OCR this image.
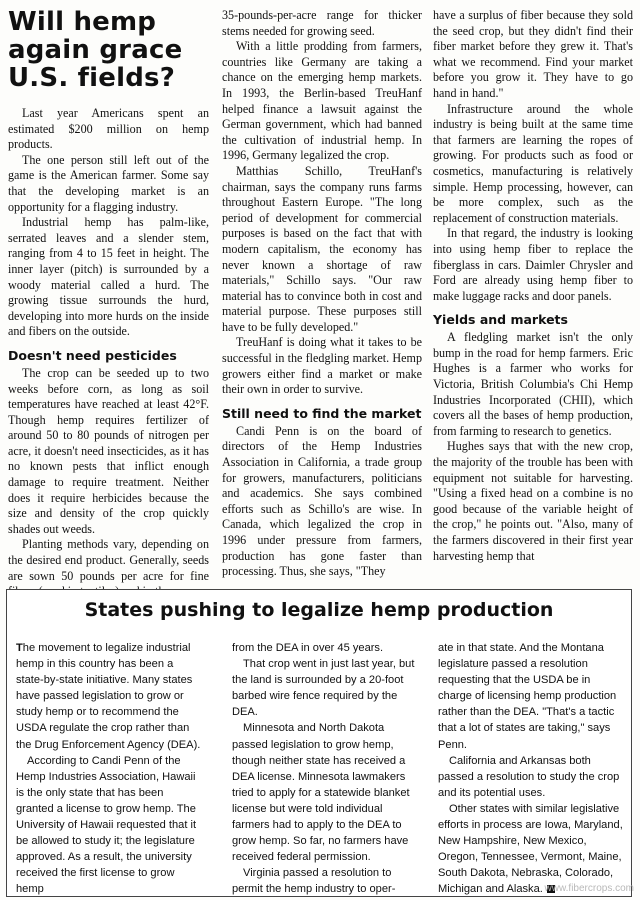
Will hemp again grace U.S. fields?

Last year Americans spent an estimated $200 million on hemp products.

The one person still left out of the game is the American farmer. Some say that the developing market is an opportunity for a flagging industry.

Industrial hemp has palm-like, serrated leaves and a slender stem, ranging from 4 to 15 feet in height. The inner layer (pitch) is surrounded by a woody material called a hurd. The growing tissue surrounds the hurd, developing into more hurds on the inside and fibers on the outside.

Doesn't need pesticides

The crop can be seeded up to two weeks before corn, as long as soil temperatures have reached at least 42°F. Though hemp requires fertilizer of around 50 to 80 pounds of nitrogen per acre, it doesn't need insecticides, as it has no known pests that inflict enough damage to require treatment. Neither does it require herbicides because the size and density of the crop quickly shades out weeds.

Planting methods vary, depending on the desired end product. Generally, seeds are sown 50 pounds per acre for fine

35-pounds-per-acre range for thicker stems needed for growing seed.

With a little prodding from farmers, countries like Germany are taking a chance on the emerging hemp markets. In 1993, the Berlin-based TreuHanf helped finance a lawsuit against the German government, which had banned the cultivation of industrial hemp. In 1996, Germany legalized the crop.

Matthias Schillo, TreuHanf's chairman, says the company runs farms throughout Eastern Europe. "The long period of development for commercial purposes is based on the fact that with modern capitalism, the economy has never known a shortage of raw materials," Schillo says. "Our raw material has to convince both in cost and material purpose. These purposes still have to be fully developed."

TreuHanf is doing what it takes to be successful in the fledgling market. Hemp growers either find a market or make their own in order to survive.

Still need to find the market

Candi Penn is on the board of directors of the Hemp Industries Association in California, a trade group for growers, manufacturers, politicians and academics. She says combined efforts such as Schillo's are wise. In Canada, which legalized the crop in 1996 under pressure from farmers, production has gone faster than processing. Thus, she says, "They

have a surplus of fiber because they sold the seed crop, but they didn't find their fiber market before they grew it. That's what we recommend. Find your market before you grow it. They have to go hand in hand."

Infrastructure around the whole industry is being built at the same time that farmers are learning the ropes of growing. For products such as food or cosmetics, manufacturing is relatively simple. Hemp processing, however, can be more complex, such as the replacement of construction materials.

In that regard, the industry is looking into using hemp fiber to replace the fiberglass in cars. Daimler Chrysler and Ford are already using hemp fiber to make luggage racks and door panels.

Yields and markets

A fledgling market isn't the only bump in the road for hemp farmers. Eric Hughes is a farmer who works for Victoria, British Columbia's Chi Hemp Industries Incorporated (CHII), which covers all the bases of hemp production, from farming to research to genetics.

Hughes says that with the new crop, the majority of the trouble has been with equipment not suitable for harvesting. "Using a fixed head on a combine is no good because of the variable height of the crop," he points out. "Also, many of the farmers discovered in their first year harvesting hemp that

States pushing to legalize hemp production

The movement to legalize industrial hemp in this country has been a state-by-state initiative. Many states have passed legislation to grow or study hemp or to recommend the USDA regulate the crop rather than the Drug Enforcement Agency (DEA).

According to Candi Penn of the Hemp Industries Association, Hawaii is the only state that has been granted a license to grow hemp. The University of Hawaii requested that it be allowed to study it; the legislature approved. As a result, the university received the first license to grow hemp

from the DEA in over 45 years.

That crop went in just last year, but the land is surrounded by a 20-foot barbed wire fence required by the DEA.

Minnesota and North Dakota passed legislation to grow hemp, though neither state has received a DEA license. Minnesota lawmakers tried to apply for a statewide blanket license but were told individual farmers had to apply to the DEA to grow hemp. So far, no farmers have received federal permission.

Virginia passed a resolution to permit the hemp industry to oper-

ate in that state. And the Montana legislature passed a resolution requesting that the USDA be in charge of licensing hemp production rather than the DEA. "That's a tactic that a lot of states are taking," says Penn.

California and Arkansas both passed a resolution to study the crop and its potential uses.

Other states with similar legislative efforts in process are Iowa, Maryland, New Hampshire, New Mexico, Oregon, Tennessee, Vermont, Maine, South Dakota, Nebraska, Colorado, Michigan and Alaska. www.fibercrops.com
